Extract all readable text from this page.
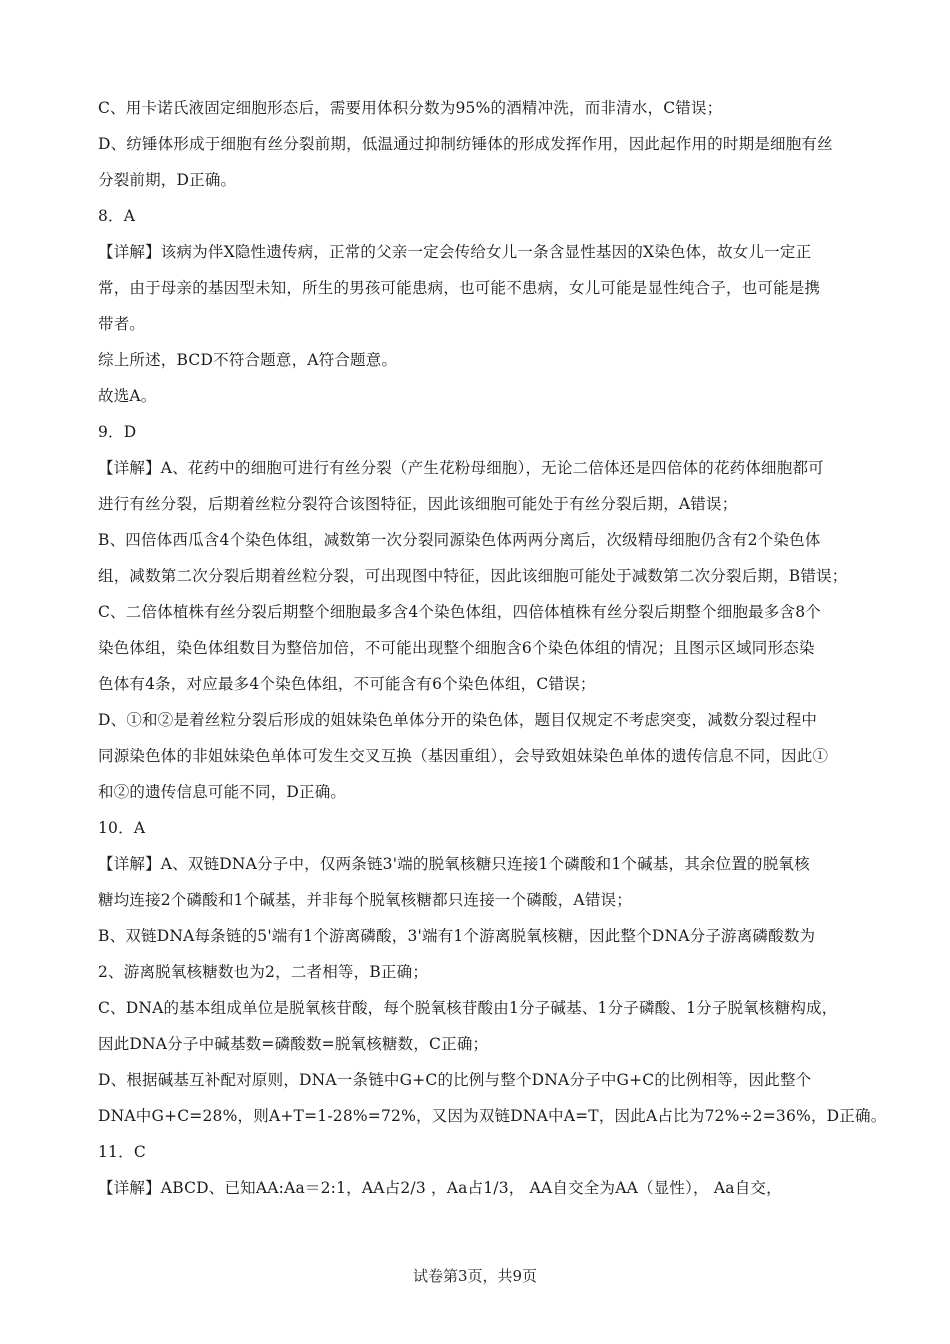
C、用卡诺氏液固定细胞形态后，需要用体积分数为95%的酒精冲洗，而非清水，C错误；
D、纺锤体形成于细胞有丝分裂前期，低温通过抑制纺锤体的形成发挥作用，因此起作用的时期是细胞有丝
分裂前期，D正确。
8．A
【详解】该病为伴X隐性遗传病，正常的父亲一定会传给女儿一条含显性基因的X染色体，故女儿一定正
常，由于母亲的基因型未知，所生的男孩可能患病，也可能不患病，女儿可能是显性纯合子，也可能是携
带者。
综上所述，BCD不符合题意，A符合题意。
故选A。
9．D
【详解】A、花药中的细胞可进行有丝分裂（产生花粉母细胞），无论二倍体还是四倍体的花药体细胞都可
进行有丝分裂，后期着丝粒分裂符合该图特征，因此该细胞可能处于有丝分裂后期，A错误；
B、四倍体西瓜含4个染色体组，减数第一次分裂同源染色体两两分离后，次级精母细胞仍含有2个染色体
组，减数第二次分裂后期着丝粒分裂，可出现图中特征，因此该细胞可能处于减数第二次分裂后期，B错误；
C、二倍体植株有丝分裂后期整个细胞最多含4个染色体组，四倍体植株有丝分裂后期整个细胞最多含8个
染色体组，染色体组数目为整倍加倍，不可能出现整个细胞含6个染色体组的情况；且图示区域同形态染
色体有4条，对应最多4个染色体组，不可能含有6个染色体组，C错误；
D、①和②是着丝粒分裂后形成的姐妹染色单体分开的染色体，题目仅规定不考虑突变，减数分裂过程中
同源染色体的非姐妹染色单体可发生交叉互换（基因重组），会导致姐妹染色单体的遗传信息不同，因此①
和②的遗传信息可能不同，D正确。
10．A
【详解】A、双链DNA分子中，仅两条链3'端的脱氧核糖只连接1个磷酸和1个碱基，其余位置的脱氧核
糖均连接2个磷酸和1个碱基，并非每个脱氧核糖都只连接一个磷酸，A错误；
B、双链DNA每条链的5'端有1个游离磷酸，3'端有1个游离脱氧核糖，因此整个DNA分子游离磷酸数为
2、游离脱氧核糖数也为2，二者相等，B正确；
C、DNA的基本组成单位是脱氧核苷酸，每个脱氧核苷酸由1分子碱基、1分子磷酸、1分子脱氧核糖构成，
因此DNA分子中碱基数=磷酸数=脱氧核糖数，C正确；
D、根据碱基互补配对原则，DNA一条链中G+C的比例与整个DNA分子中G+C的比例相等，因此整个
DNA中G+C=28%，则A+T=1-28%=72%，又因为双链DNA中A=T，因此A占比为72%÷2=36%，D正确。
11．C
【详解】ABCD、已知AA:Aa＝2:1，AA占2/3 ，Aa占1/3， AA自交全为AA（显性）， Aa自交，
试卷第3页，共9页
